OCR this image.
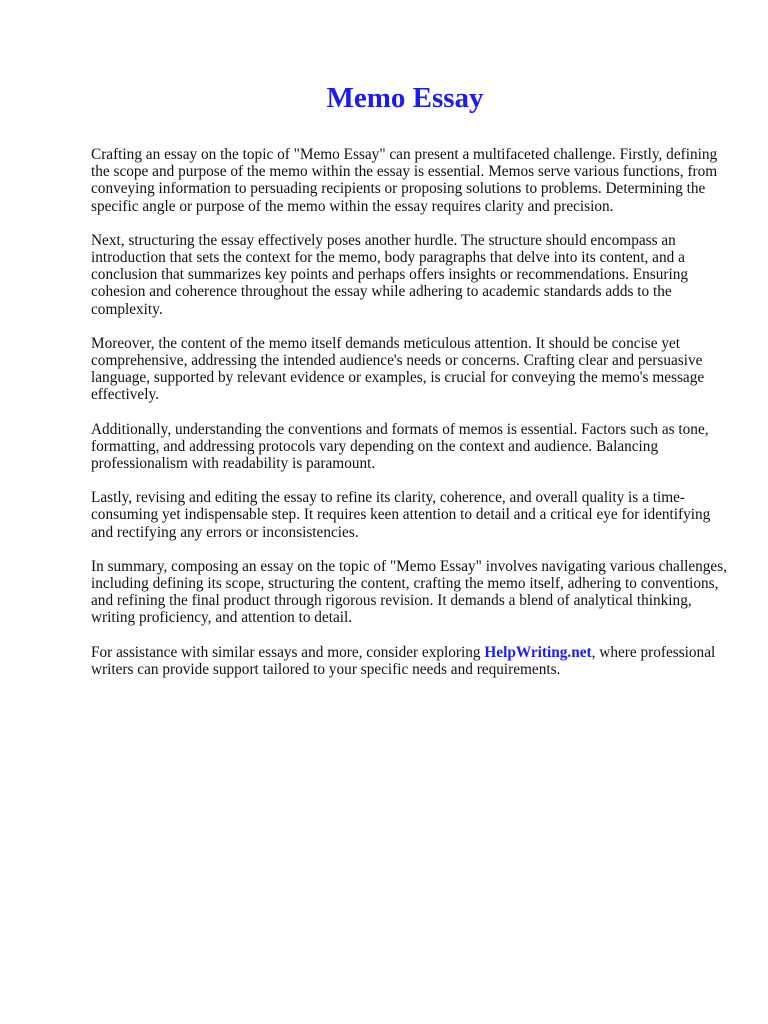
Memo Essay

Crafting an essay on the topic of "Memo Essay" can present a multifaceted challenge. Firstly, defining the scope and purpose of the memo within the essay is essential. Memos serve various functions, from conveying information to persuading recipients or proposing solutions to problems. Determining the specific angle or purpose of the memo within the essay requires clarity and precision.

Next, structuring the essay effectively poses another hurdle. The structure should encompass an introduction that sets the context for the memo, body paragraphs that delve into its content, and a conclusion that summarizes key points and perhaps offers insights or recommendations. Ensuring cohesion and coherence throughout the essay while adhering to academic standards adds to the complexity.

Moreover, the content of the memo itself demands meticulous attention. It should be concise yet comprehensive, addressing the intended audience's needs or concerns. Crafting clear and persuasive language, supported by relevant evidence or examples, is crucial for conveying the memo's message effectively.

Additionally, understanding the conventions and formats of memos is essential. Factors such as tone, formatting, and addressing protocols vary depending on the context and audience. Balancing professionalism with readability is paramount.

Lastly, revising and editing the essay to refine its clarity, coherence, and overall quality is a time-consuming yet indispensable step. It requires keen attention to detail and a critical eye for identifying and rectifying any errors or inconsistencies.

In summary, composing an essay on the topic of "Memo Essay" involves navigating various challenges, including defining its scope, structuring the content, crafting the memo itself, adhering to conventions, and refining the final product through rigorous revision. It demands a blend of analytical thinking, writing proficiency, and attention to detail.

For assistance with similar essays and more, consider exploring HelpWriting.net, where professional writers can provide support tailored to your specific needs and requirements.
